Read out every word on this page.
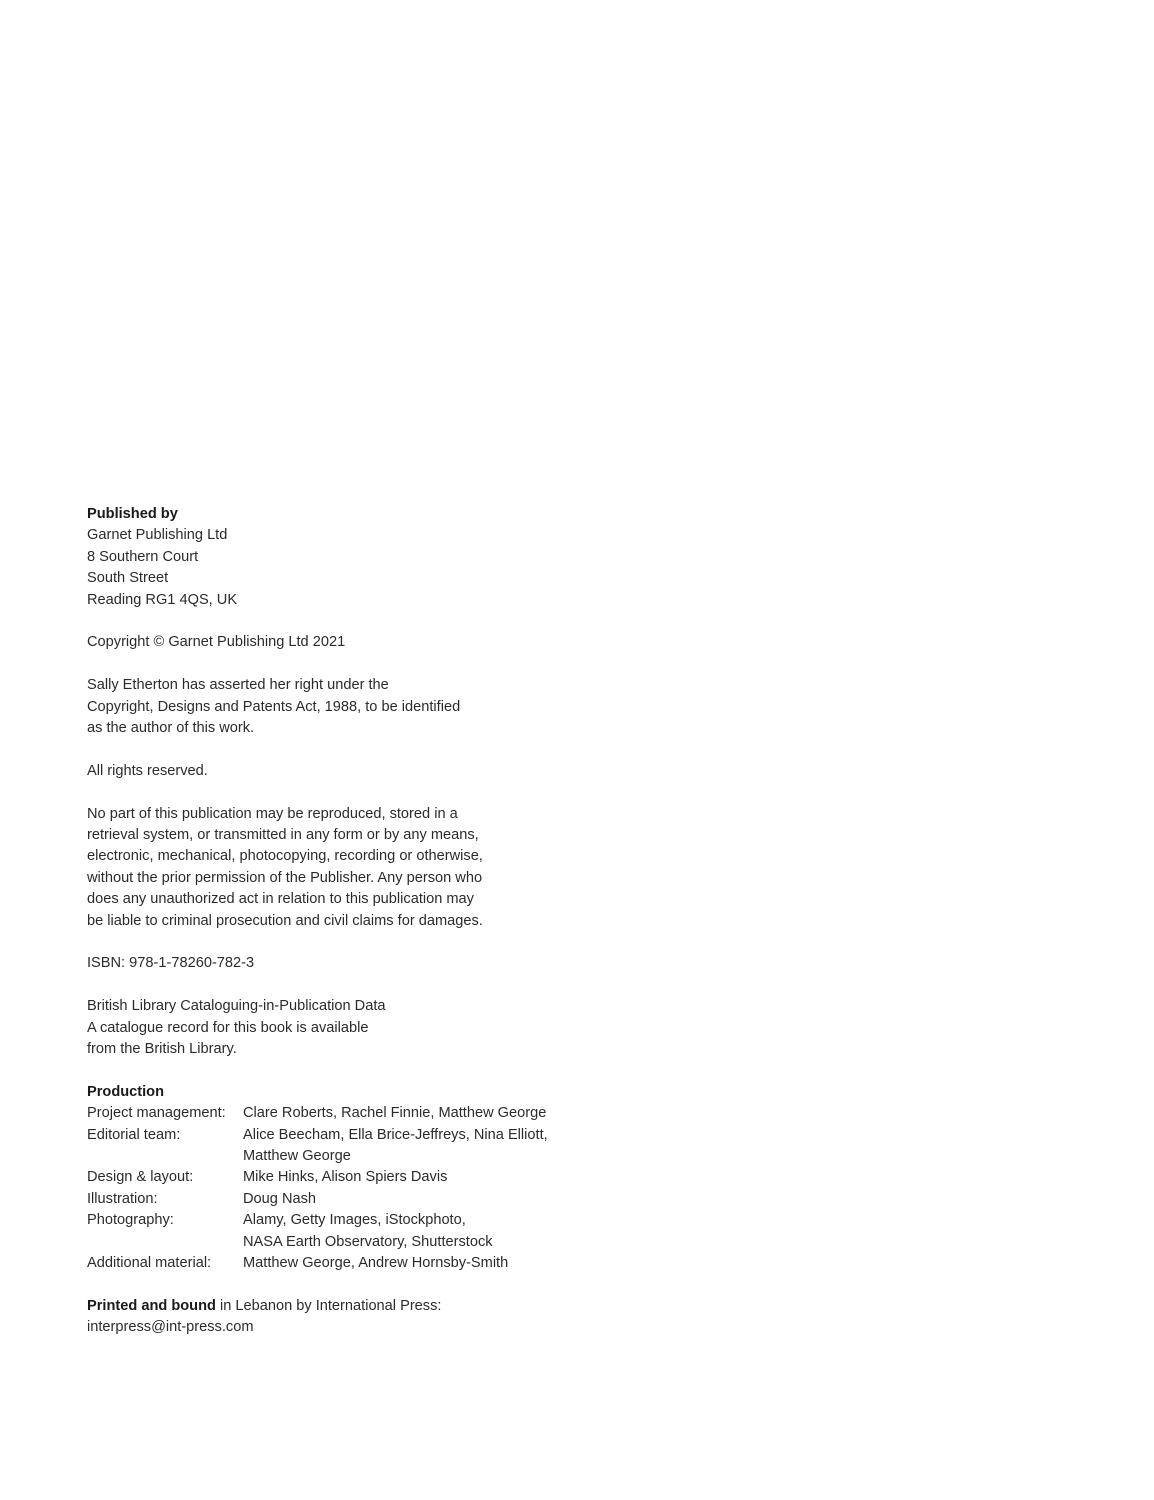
Published by
Garnet Publishing Ltd
8 Southern Court
South Street
Reading RG1 4QS, UK
Copyright © Garnet Publishing Ltd 2021
Sally Etherton has asserted her right under the
Copyright, Designs and Patents Act, 1988, to be identified
as the author of this work.
All rights reserved.
No part of this publication may be reproduced, stored in a
retrieval system, or transmitted in any form or by any means,
electronic, mechanical, photocopying, recording or otherwise,
without the prior permission of the Publisher. Any person who
does any unauthorized act in relation to this publication may
be liable to criminal prosecution and civil claims for damages.
ISBN: 978-1-78260-782-3
British Library Cataloguing-in-Publication Data
A catalogue record for this book is available
from the British Library.
Production
Project management:	Clare Roberts, Rachel Finnie, Matthew George
Editorial team:	Alice Beecham, Ella Brice-Jeffreys, Nina Elliott,
Matthew George
Design & layout:	Mike Hinks, Alison Spiers Davis
Illustration:	Doug Nash
Photography:	Alamy, Getty Images, iStockphoto,
NASA Earth Observatory, Shutterstock
Additional material:	Matthew George, Andrew Hornsby-Smith
Printed and bound in Lebanon by International Press:
interpress@int-press.com
